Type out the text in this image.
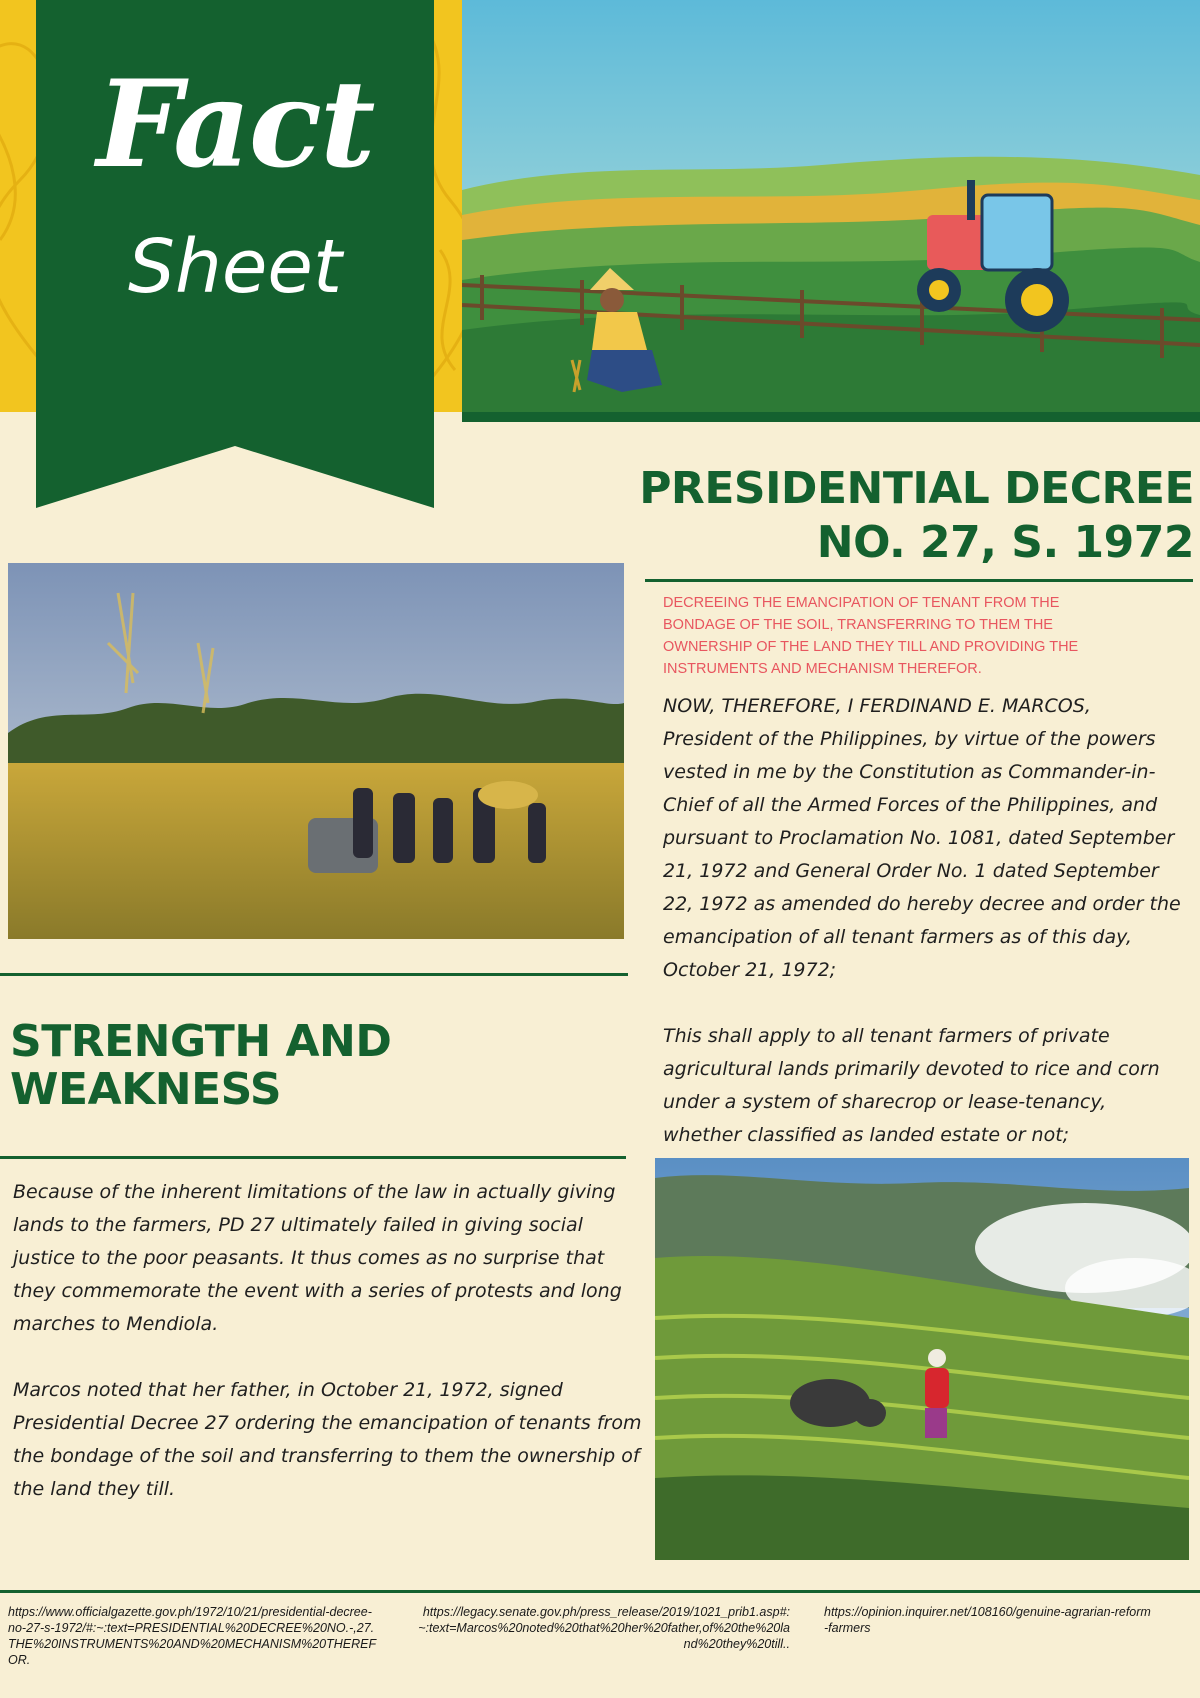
Fact
Sheet
PRESIDENTIAL DECREE
NO. 27, S. 1972
DECREEING THE EMANCIPATION OF TENANT FROM THE BONDAGE OF THE SOIL, TRANSFERRING TO THEM THE OWNERSHIP OF THE LAND THEY TILL AND PROVIDING THE INSTRUMENTS AND MECHANISM THEREFOR.
NOW, THEREFORE, I FERDINAND E. MARCOS, President of the Philippines, by virtue of the powers vested in me by the Constitution as Commander-in-Chief of all the Armed Forces of the Philippines, and pursuant to Proclamation No. 1081, dated September 21, 1972 and General Order No. 1 dated September 22, 1972 as amended do hereby decree and order the emancipation of all tenant farmers as of this day, October 21, 1972;

This shall apply to all tenant farmers of private agricultural lands primarily devoted to rice and corn under a system of sharecrop or lease-tenancy, whether classified as landed estate or not;
STRENGTH AND
WEAKNESS
Because of the inherent limitations of the law in actually giving lands to the farmers, PD 27 ultimately failed in giving social justice to the poor peasants. It thus comes as no surprise that they commemorate the event with a series of protests and long marches to Mendiola.

Marcos noted that her father, in October 21, 1972, signed Presidential Decree 27 ordering the emancipation of tenants from the bondage of the soil and transferring to them the ownership of the land they till.
https://www.officialgazette.gov.ph/1972/10/21/presidential-decree-no-27-s-1972/#:~:text=PRESIDENTIAL%20DECREE%20NO.-,27.THE%20INSTRUMENTS%20AND%20MECHANISM%20THEREFOR.
https://legacy.senate.gov.ph/press_release/2019/1021_prib1.asp#:~:text=Marcos%20noted%20that%20her%20father,of%20the%20land%20they%20till..
https://opinion.inquirer.net/108160/genuine-agrarian-reform-farmers
